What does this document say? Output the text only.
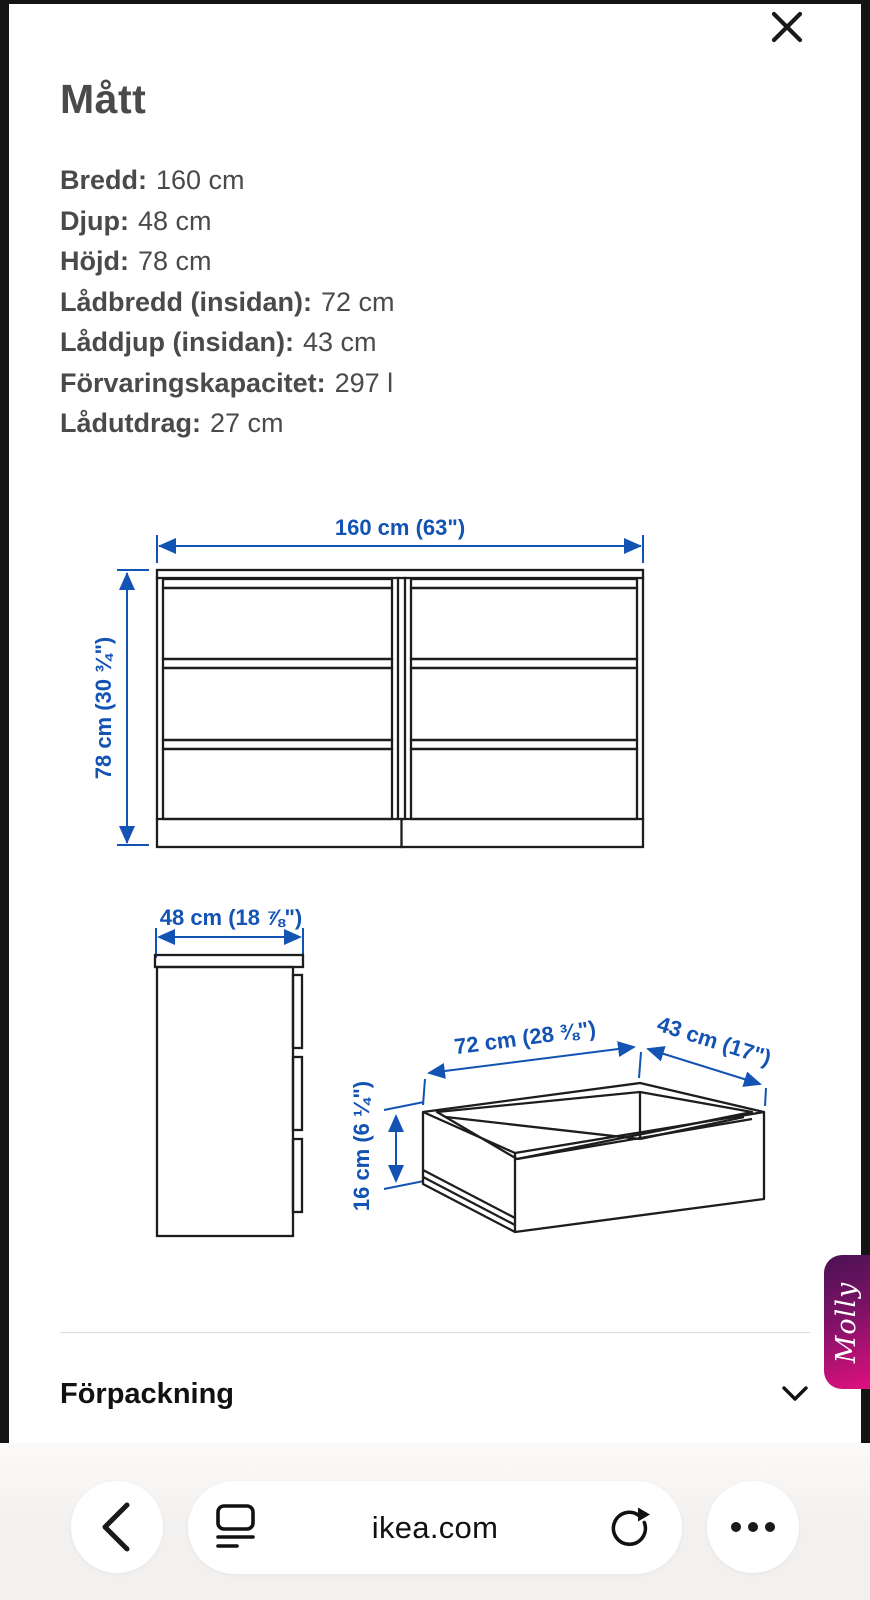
Mått
Bredd: 160 cm
Djup: 48 cm
Höjd: 78 cm
Lådbredd (insidan): 72 cm
Låddjup (insidan): 43 cm
Förvaringskapacitet: 297 l
Lådutdrag: 27 cm
160 cm (63")
78 cm (30 ¾")
48 cm (18 ⅞")
72 cm (28 ⅜")	43 cm (17")
16 cm (6 ¼")
Molly
Förpackning
ikea.com
